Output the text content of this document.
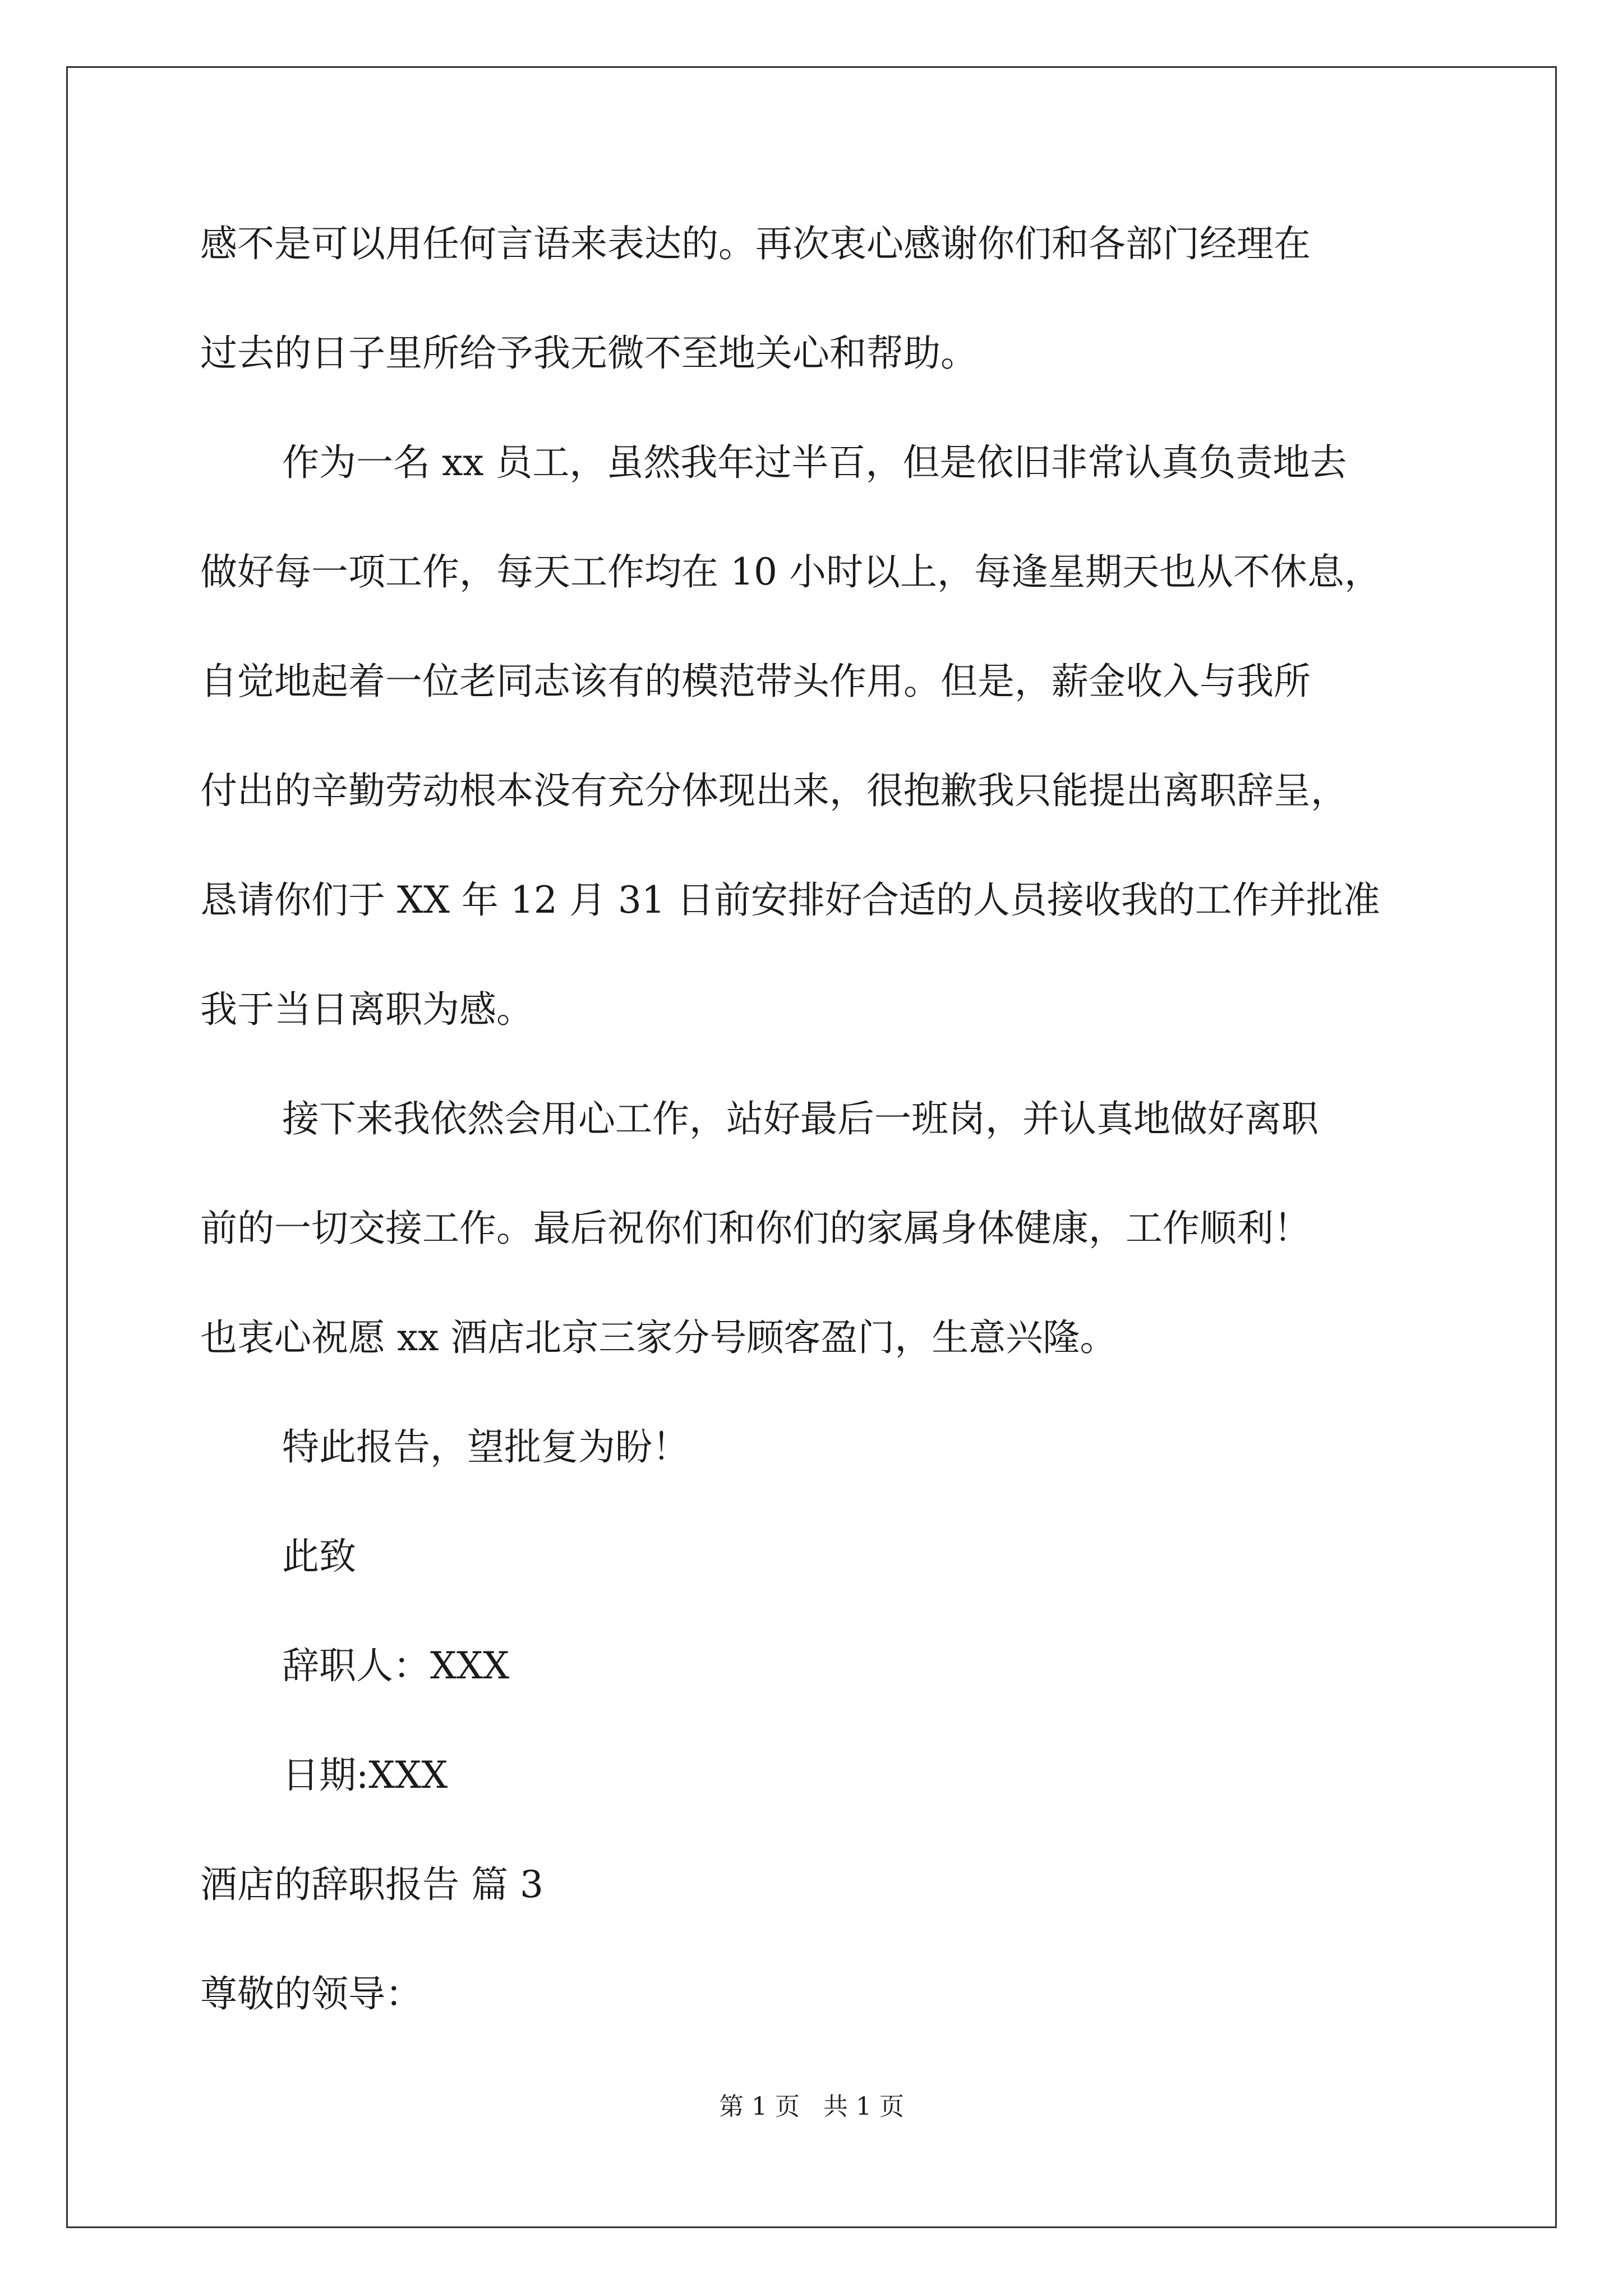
感不是可以用任何言语来表达的。再次衷心感谢你们和各部门经理在
过去的日子里所给予我无微不至地关心和帮助。
作为一名 xx 员工，虽然我年过半百，但是依旧非常认真负责地去
做好每一项工作，每天工作均在 10 小时以上，每逢星期天也从不休息，
自觉地起着一位老同志该有的模范带头作用。但是，薪金收入与我所
付出的辛勤劳动根本没有充分体现出来，很抱歉我只能提出离职辞呈，
恳请你们于 XX 年 12 月 31 日前安排好合适的人员接收我的工作并批准
我于当日离职为感。
接下来我依然会用心工作，站好最后一班岗，并认真地做好离职
前的一切交接工作。最后祝你们和你们的家属身体健康，工作顺利！
也衷心祝愿 xx 酒店北京三家分号顾客盈门，生意兴隆。
特此报告，望批复为盼！
此致
辞职人：XXX
日期:XXX
酒店的辞职报告 篇 3
尊敬的领导：
第 1 页   共 1 页
